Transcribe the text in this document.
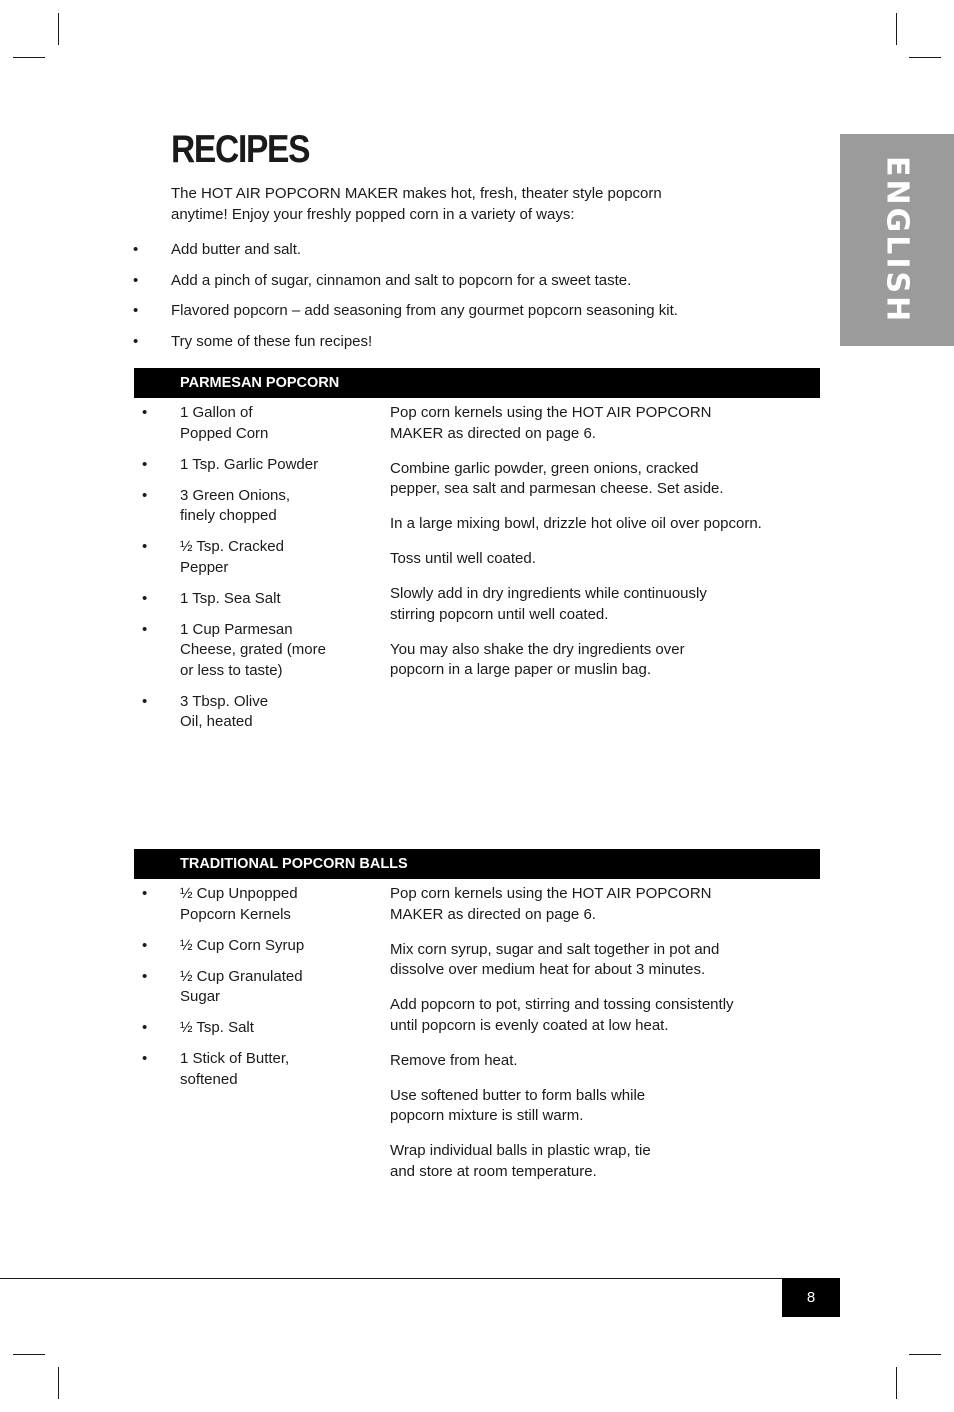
ENGLISH
RECIPES

The HOT AIR POPCORN MAKER makes hot, fresh, theater style popcorn
anytime! Enjoy your freshly popped corn in a variety of ways:

•	Add butter and salt.
•	Add a pinch of sugar, cinnamon and salt to popcorn for a sweet taste.
•	Flavored popcorn – add seasoning from any gourmet popcorn seasoning kit.
•	Try some of these fun recipes!
PARMESAN POPCORN
•	1 Gallon of
Popped Corn
•	1 Tsp. Garlic Powder
•	3 Green Onions,
finely chopped
•	½ Tsp. Cracked
Pepper
•	1 Tsp. Sea Salt
•	1 Cup Parmesan
Cheese, grated (more
or less to taste)
•	3 Tbsp. Olive
Oil, heated
Pop corn kernels using the HOT AIR POPCORN
MAKER as directed on page 6.
Combine garlic powder, green onions, cracked
pepper, sea salt and parmesan cheese. Set aside.
In a large mixing bowl, drizzle hot olive oil over popcorn.
Toss until well coated.
Slowly add in dry ingredients while continuously
stirring popcorn until well coated.
You may also shake the dry ingredients over
popcorn in a large paper or muslin bag.
TRADITIONAL POPCORN BALLS
•	½ Cup Unpopped
Popcorn Kernels
•	½ Cup Corn Syrup
•	½ Cup Granulated
Sugar
•	½ Tsp. Salt
•	1 Stick of Butter,
softened
Pop corn kernels using the HOT AIR POPCORN
MAKER as directed on page 6.
Mix corn syrup, sugar and salt together in pot and
dissolve over medium heat for about 3 minutes.
Add popcorn to pot, stirring and tossing consistently
until popcorn is evenly coated at low heat.
Remove from heat.
Use softened butter to form balls while
popcorn mixture is still warm.
Wrap individual balls in plastic wrap, tie
and store at room temperature.
8
